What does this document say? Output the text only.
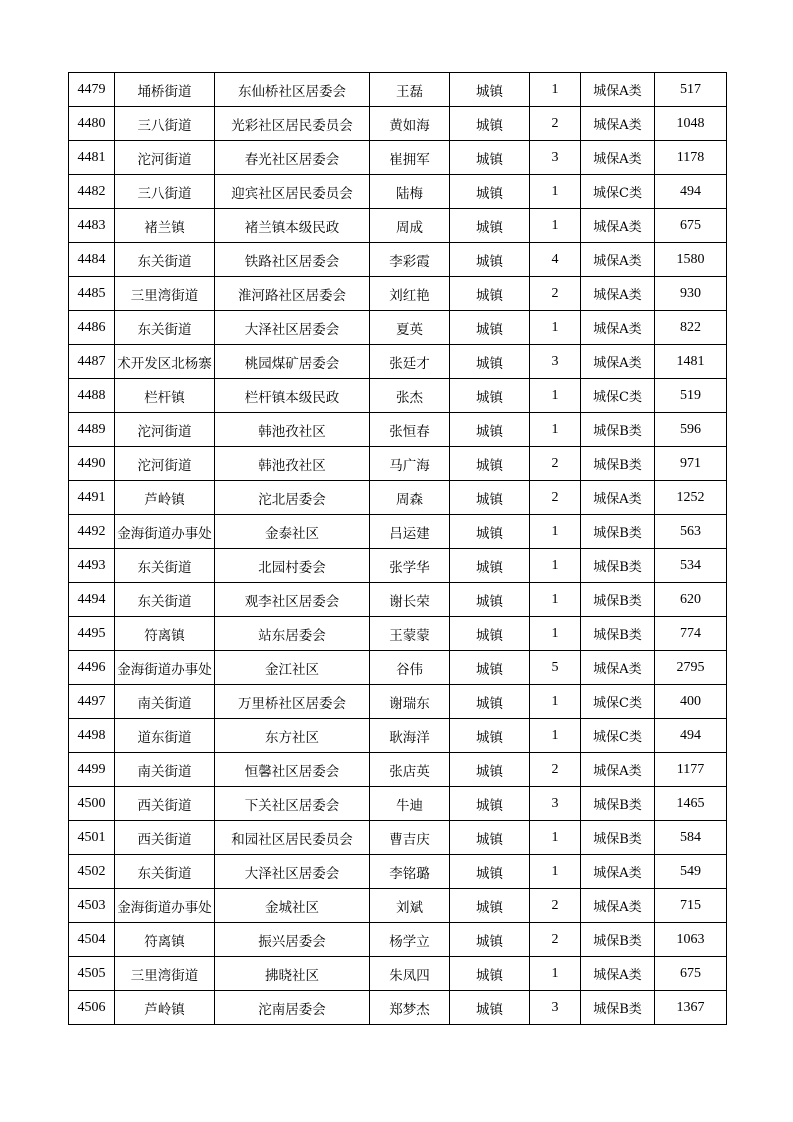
4479	埇桥街道	东仙桥社区居委会	王磊	城镇	1	城保A类	517
4480	三八街道	光彩社区居民委员会	黄如海	城镇	2	城保A类	1048
4481	沱河街道	春光社区居委会	崔拥军	城镇	3	城保A类	1178
4482	三八街道	迎宾社区居民委员会	陆梅	城镇	1	城保C类	494
4483	褚兰镇	褚兰镇本级民政	周成	城镇	1	城保A类	675
4484	东关街道	铁路社区居委会	李彩霞	城镇	4	城保A类	1580
4485	三里湾街道	淮河路社区居委会	刘红艳	城镇	2	城保A类	930
4486	东关街道	大泽社区居委会	夏英	城镇	1	城保A类	822
4487	术开发区北杨寨	桃园煤矿居委会	张廷才	城镇	3	城保A类	1481
4488	栏杆镇	栏杆镇本级民政	张杰	城镇	1	城保C类	519
4489	沱河街道	韩池孜社区	张恒春	城镇	1	城保B类	596
4490	沱河街道	韩池孜社区	马广海	城镇	2	城保B类	971
4491	芦岭镇	沱北居委会	周森	城镇	2	城保A类	1252
4492	金海街道办事处	金泰社区	吕运建	城镇	1	城保B类	563
4493	东关街道	北园村委会	张学华	城镇	1	城保B类	534
4494	东关街道	观李社区居委会	谢长荣	城镇	1	城保B类	620
4495	符离镇	站东居委会	王蒙蒙	城镇	1	城保B类	774
4496	金海街道办事处	金江社区	谷伟	城镇	5	城保A类	2795
4497	南关街道	万里桥社区居委会	谢瑞东	城镇	1	城保C类	400
4498	道东街道	东方社区	耿海洋	城镇	1	城保C类	494
4499	南关街道	恒馨社区居委会	张店英	城镇	2	城保A类	1177
4500	西关街道	下关社区居委会	牛迪	城镇	3	城保B类	1465
4501	西关街道	和园社区居民委员会	曹吉庆	城镇	1	城保B类	584
4502	东关街道	大泽社区居委会	李铭璐	城镇	1	城保A类	549
4503	金海街道办事处	金城社区	刘斌	城镇	2	城保A类	715
4504	符离镇	振兴居委会	杨学立	城镇	2	城保B类	1063
4505	三里湾街道	拂晓社区	朱凤四	城镇	1	城保A类	675
4506	芦岭镇	沱南居委会	郑梦杰	城镇	3	城保B类	1367
